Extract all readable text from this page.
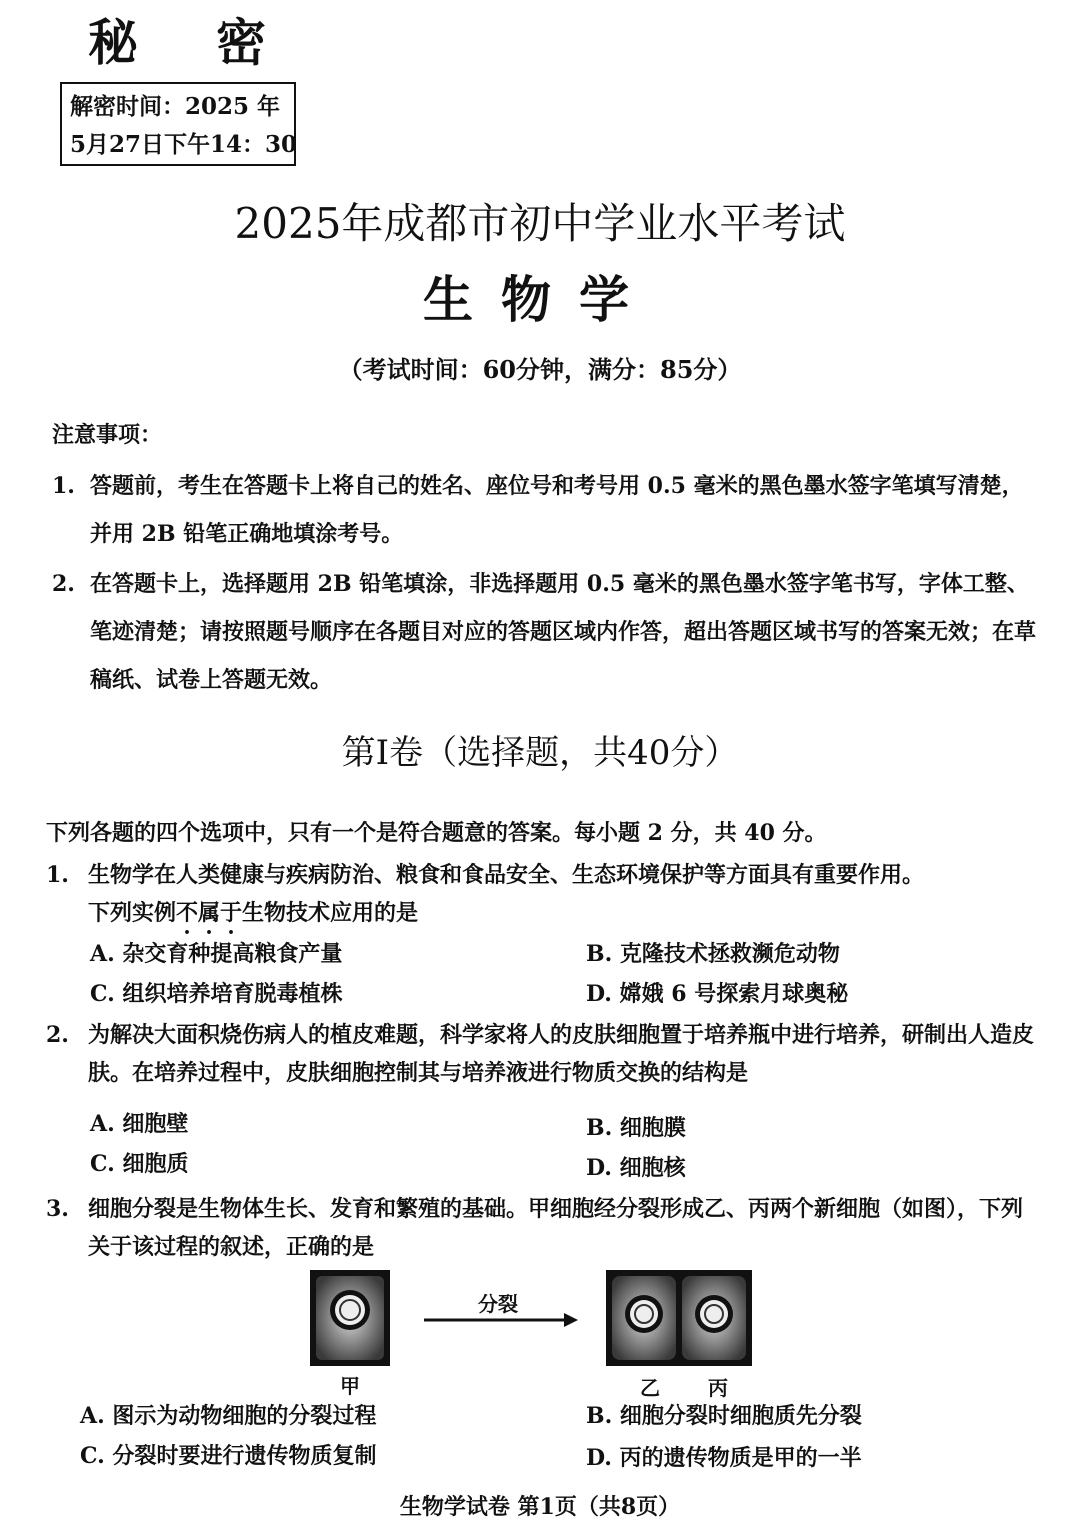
秘密
解密时间：2025 年
5月27日下午14：30
2025年成都市初中学业水平考试
生物学
（考试时间：60分钟，满分：85分）
注意事项：
1. 答题前，考生在答题卡上将自己的姓名、座位号和考号用 0.5 毫米的黑色墨水签字笔填写清楚，并用 2B 铅笔正确地填涂考号。
2. 在答题卡上，选择题用 2B 铅笔填涂，非选择题用 0.5 毫米的黑色墨水签字笔书写，字体工整、笔迹清楚；请按照题号顺序在各题目对应的答题区域内作答，超出答题区域书写的答案无效；在草稿纸、试卷上答题无效。
第Ⅰ卷（选择题，共40分）
下列各题的四个选项中，只有一个是符合题意的答案。每小题 2 分，共 40 分。
1. 生物学在人类健康与疾病防治、粮食和食品安全、生态环境保护等方面具有重要作用。
下列实例不属于生物技术应用的是
A. 杂交育种提高粮食产量	B. 克隆技术拯救濒危动物
C. 组织培养培育脱毒植株	D. 嫦娥 6 号探索月球奥秘
2. 为解决大面积烧伤病人的植皮难题，科学家将人的皮肤细胞置于培养瓶中进行培养，研制出人造皮肤。在培养过程中，皮肤细胞控制其与培养液进行物质交换的结构是
A. 细胞壁	B. 细胞膜
C. 细胞质	D. 细胞核
3. 细胞分裂是生物体生长、发育和繁殖的基础。甲细胞经分裂形成乙、丙两个新细胞（如图），下列关于该过程的叙述，正确的是
分裂
甲	乙 丙
A. 图示为动物细胞的分裂过程	B. 细胞分裂时细胞质先分裂
C. 分裂时要进行遗传物质复制	D. 丙的遗传物质是甲的一半
生物学试卷 第1页（共8页）
